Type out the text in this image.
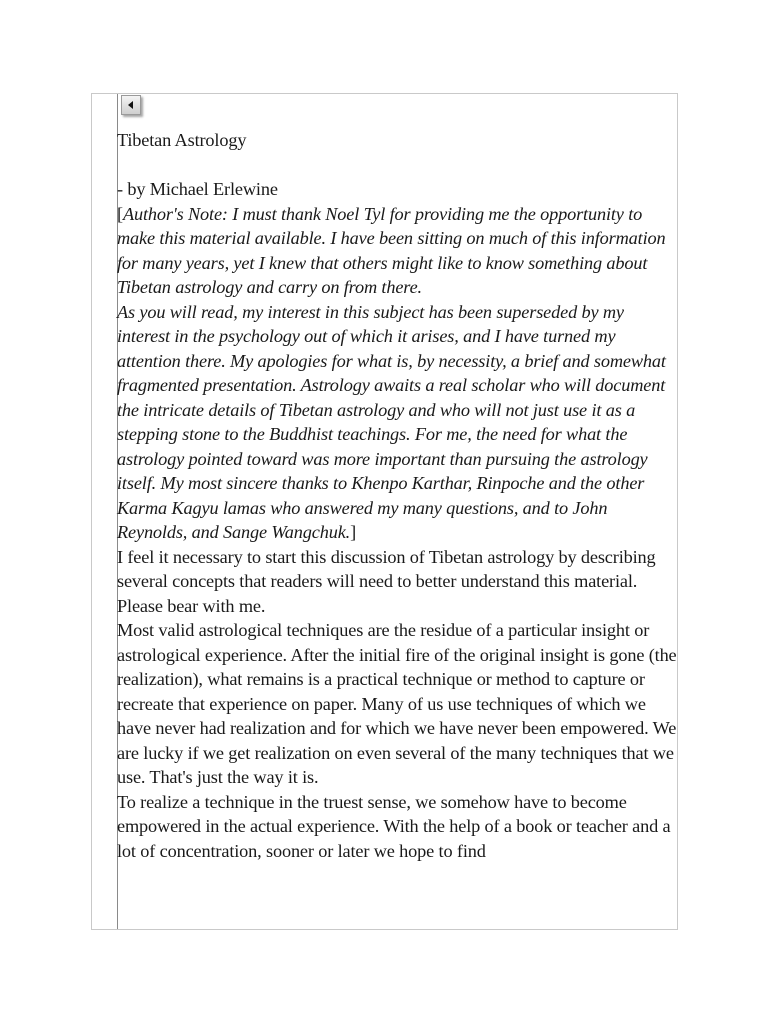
Tibetan Astrology

- by Michael Erlewine

[Author's Note: I must thank Noel Tyl for providing me the opportunity to make this material available. I have been sitting on much of this information for many years, yet I knew that others might like to know something about Tibetan astrology and carry on from there.

As you will read, my interest in this subject has been superseded by my interest in the psychology out of which it arises, and I have turned my attention there. My apologies for what is, by necessity, a brief and somewhat fragmented presentation. Astrology awaits a real scholar who will document the intricate details of Tibetan astrology and who will not just use it as a stepping stone to the Buddhist teachings. For me, the need for what the astrology pointed toward was more important than pursuing the astrology itself. My most sincere thanks to Khenpo Karthar, Rinpoche and the other Karma Kagyu lamas who answered my many questions, and to John Reynolds, and Sange Wangchuk.]

I feel it necessary to start this discussion of Tibetan astrology by describing several concepts that readers will need to better understand this material. Please bear with me.

Most valid astrological techniques are the residue of a particular insight or astrological experience. After the initial fire of the original insight is gone (the realization), what remains is a practical technique or method to capture or recreate that experience on paper. Many of us use techniques of which we have never had realization and for which we have never been empowered. We are lucky if we get realization on even several of the many techniques that we use. That's just the way it is.

To realize a technique in the truest sense, we somehow have to become empowered in the actual experience. With the help of a book or teacher and a lot of concentration, sooner or later we hope to find
